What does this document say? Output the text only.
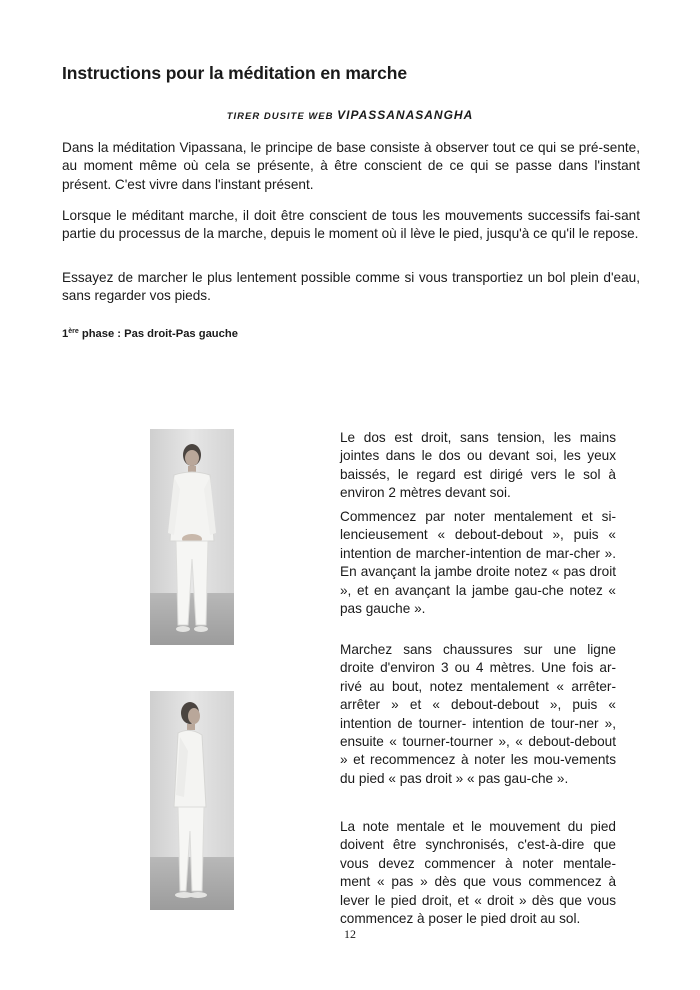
Instructions pour la méditation en marche
TIRER DUSITE WEB VIPASSANASANGHA
Dans la méditation Vipassana, le principe de base consiste à observer tout ce qui se pré-sente, au moment même où cela se présente, à être conscient de ce qui se passe dans l'instant présent. C'est vivre dans l'instant présent.
Lorsque le méditant marche, il doit être conscient de tous les mouvements successifs fai-sant partie du processus de la marche, depuis le moment où il lève le pied, jusqu'à ce qu'il le repose.
Essayez de marcher le plus lentement possible comme si vous transportiez un bol plein d'eau, sans regarder vos pieds.
1ère phase : Pas droit-Pas gauche
Le dos est droit, sans tension, les mains jointes dans le dos ou devant soi, les yeux baissés, le regard est dirigé vers le sol à environ 2 mètres devant soi.
Commencez par noter mentalement et si-lencieusement « debout-debout », puis « intention de marcher-intention de mar-cher ». En avançant la jambe droite notez « pas droit », et en avançant la jambe gau-che notez « pas gauche ».
Marchez sans chaussures sur une ligne droite d'environ 3 ou 4 mètres. Une fois ar-rivé au bout, notez mentalement « arrêter-arrêter » et « debout-debout », puis « intention de tourner- intention de tour-ner », ensuite « tourner-tourner », « debout-debout » et recommencez à noter les mou-vements du pied « pas droit » « pas gau-che ».
La note mentale et le mouvement du pied doivent être synchronisés, c'est-à-dire que vous devez commencer à noter mentale-ment « pas » dès que vous commencez à lever le pied droit, et « droit » dès que vous commencez à poser le pied droit au sol.
12
